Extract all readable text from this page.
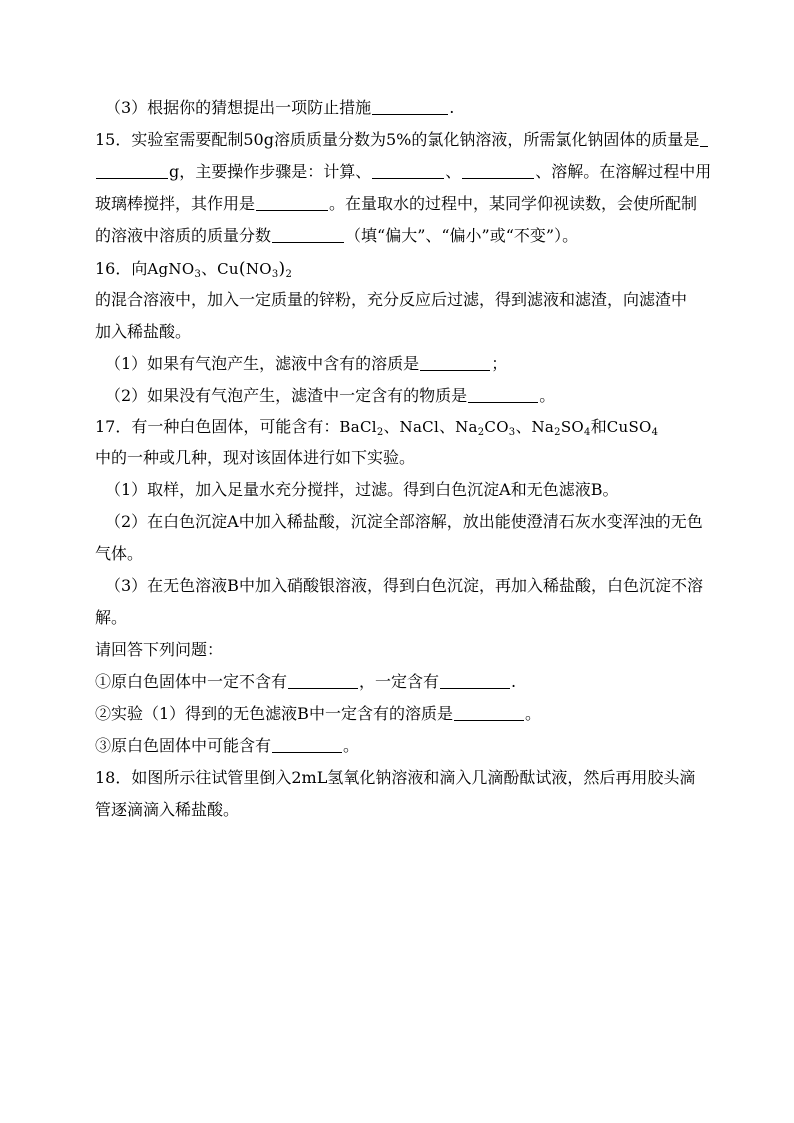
（3）根据你的猜想提出一项防止措施	.
15．实验室需要配制50g溶质质量分数为5%的氯化钠溶液，所需氯化钠固体的质量是
g，主要操作步骤是：计算、	、	、溶解。在溶解过程中用
玻璃棒搅拌，其作用是	。在量取水的过程中，某同学仰视读数，会使所配制
的溶液中溶质的质量分数	（填“偏大”、“偏小”或“不变”）。
16．向AgNO$_3$、$Cu(NO_3)_2$
的混合溶液中，加入一定质量的锌粉，充分反应后过滤，得到滤液和滤渣，向滤渣中
加入稀盐酸。
（1）如果有气泡产生，滤液中含有的溶质是	；
（2）如果没有气泡产生，滤渣中一定含有的物质是	。
17．有一种白色固体，可能含有：BaCl$_2$、NaCl、$Na_2CO_3$、$Na_2SO_4$和CuSO$_4$
中的一种或几种，现对该固体进行如下实验。
（1）取样，加入足量水充分搅拌，过滤。得到白色沉淀A和无色滤液B。
（2）在白色沉淀A中加入稀盐酸，沉淀全部溶解，放出能使澄清石灰水变浑浊的无色
气体。
（3）在无色溶液B中加入硝酸银溶液，得到白色沉淀，再加入稀盐酸，白色沉淀不溶
解。
请回答下列问题：
①原白色固体中一定不含有	，一定含有	.
②实验（1）得到的无色滤液B中一定含有的溶质是	。
③原白色固体中可能含有	。
18．如图所示往试管里倒入2mL氢氧化钠溶液和滴入几滴酚酞试液，然后再用胶头滴
管逐滴滴入稀盐酸。
